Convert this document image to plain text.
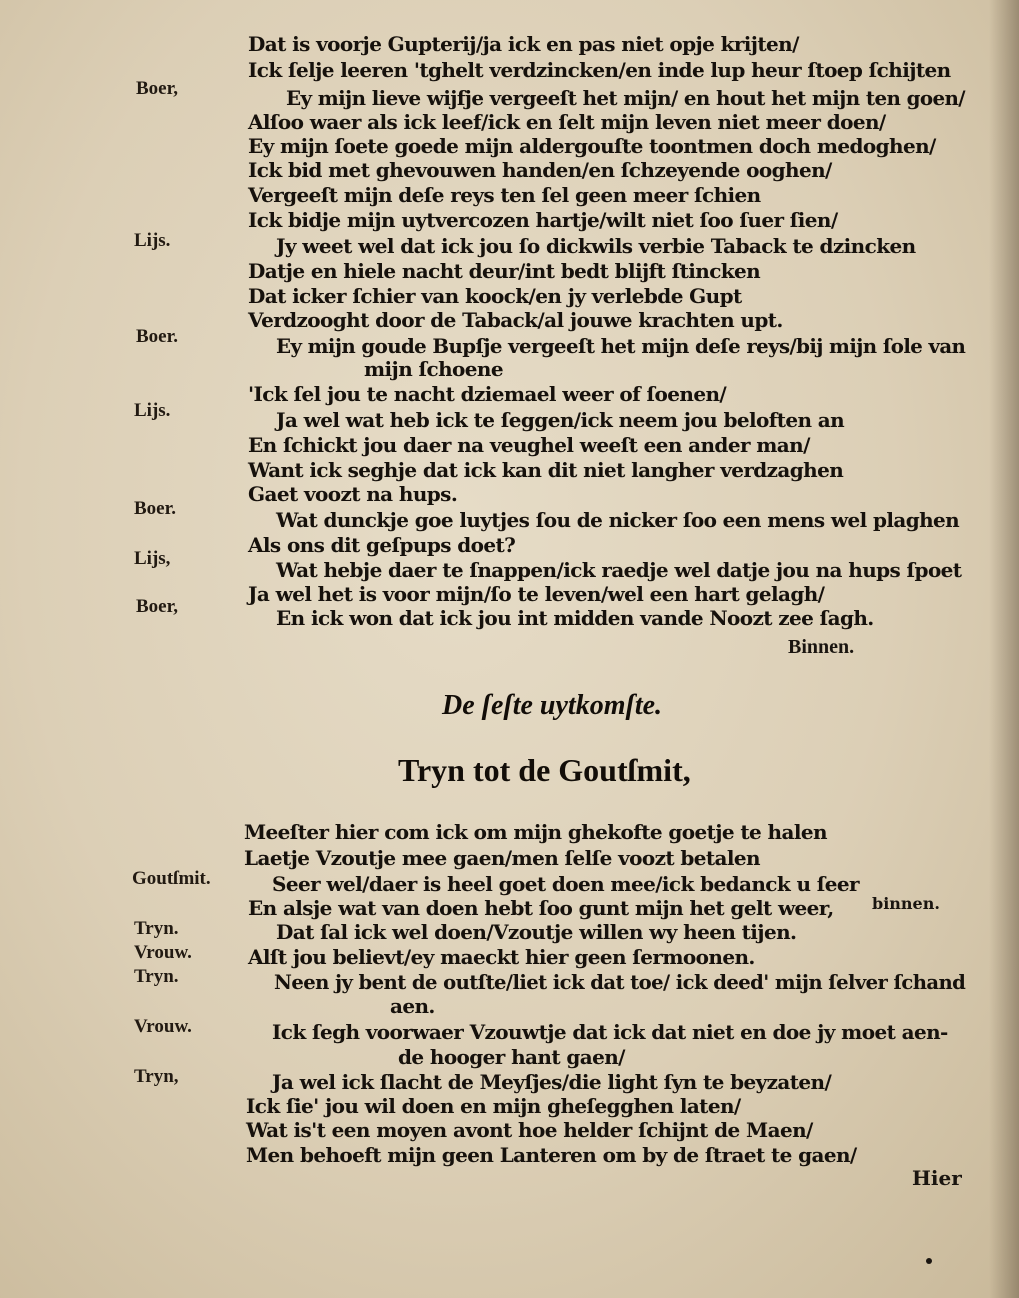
Boer,
Lijs.
Boer.
Lijs.
Boer.
Lijs,
Boer,
Goutſmit.
Tryn.
Vrouw.
Tryn.
Vrouw.
Tryn,
Dat is voorje Gupterij/ja ick en pas niet opje krijten/
Ick ſelje leeren 'tghelt verdzincken/en inde lup heur ſtoep ſchijten
Ey mijn lieve wijfje vergeeſt het mijn/ en hout het mijn ten goen/
Alſoo waer als ick leef/ick en ſelt mijn leven niet meer doen/
Ey mijn ſoete goede mijn aldergouſte toontmen doch medoghen/
Ick bid met ghevouwen handen/en ſchzeyende ooghen/
Vergeeſt mijn deſe reys ten ſel geen meer ſchien
Ick bidje mijn uytvercozen hartje/wilt niet ſoo ſuer ſien/
Jy weet wel dat ick jou ſo dickwils verbie Taback te dzincken
Datje en hiele nacht deur/int bedt blijft ſtincken
Dat icker ſchier van koock/en jy verlebde Gupt
Verdzooght door de Taback/al jouwe krachten upt.
Ey mijn goude Bupſje vergeeſt het mijn deſe reys/bij mijn ſole van
mijn ſchoene
'Ick ſel jou te nacht dziemael weer of ſoenen/
Ja wel wat heb ick te ſeggen/ick neem jou beloften an
En ſchickt jou daer na veughel weeſt een ander man/
Want ick seghje dat ick kan dit niet langher verdzaghen
Gaet voozt na hups.
Wat dunckje goe luytjes ſou de nicker ſoo een mens wel plaghen
Als ons dit geſpups doet?
Wat hebje daer te ſnappen/ick raedje wel datje jou na hups ſpoet
Ja wel het is voor mijn/ſo te leven/wel een hart gelagh/
En ick won dat ick jou int midden vande Noozt zee ſagh.
Binnen.
De ſeſte uytkomſte.
Tryn tot de Goutſmit,
Meeſter hier com ick om mijn ghekofte goetje te halen
Laetje Vzoutje mee gaen/men ſelſe voozt betalen
Seer wel/daer is heel goet doen mee/ick bedanck u ſeer
En alsje wat van doen hebt ſoo gunt mijn het gelt weer, binnen.
Dat ſal ick wel doen/Vzoutje willen wy heen tijen.
Alſt jou believt/ey maeckt hier geen ſermoonen.
Neen jy bent de outſte/liet ick dat toe/ ick deed' mijn ſelver ſchand
aen.
Ick ſegh voorwaer Vzouwtje dat ick dat niet en doe jy moet aen-
de hooger hant gaen/
Ja wel ick ſlacht de Meyſjes/die light ſyn te beyzaten/
Ick ſie' jou wil doen en mijn gheſegghen laten/
Wat is't een moyen avont hoe helder ſchijnt de Maen/
Men behoeft mijn geen Lanteren om by de ſtraet te gaen/
Hier
